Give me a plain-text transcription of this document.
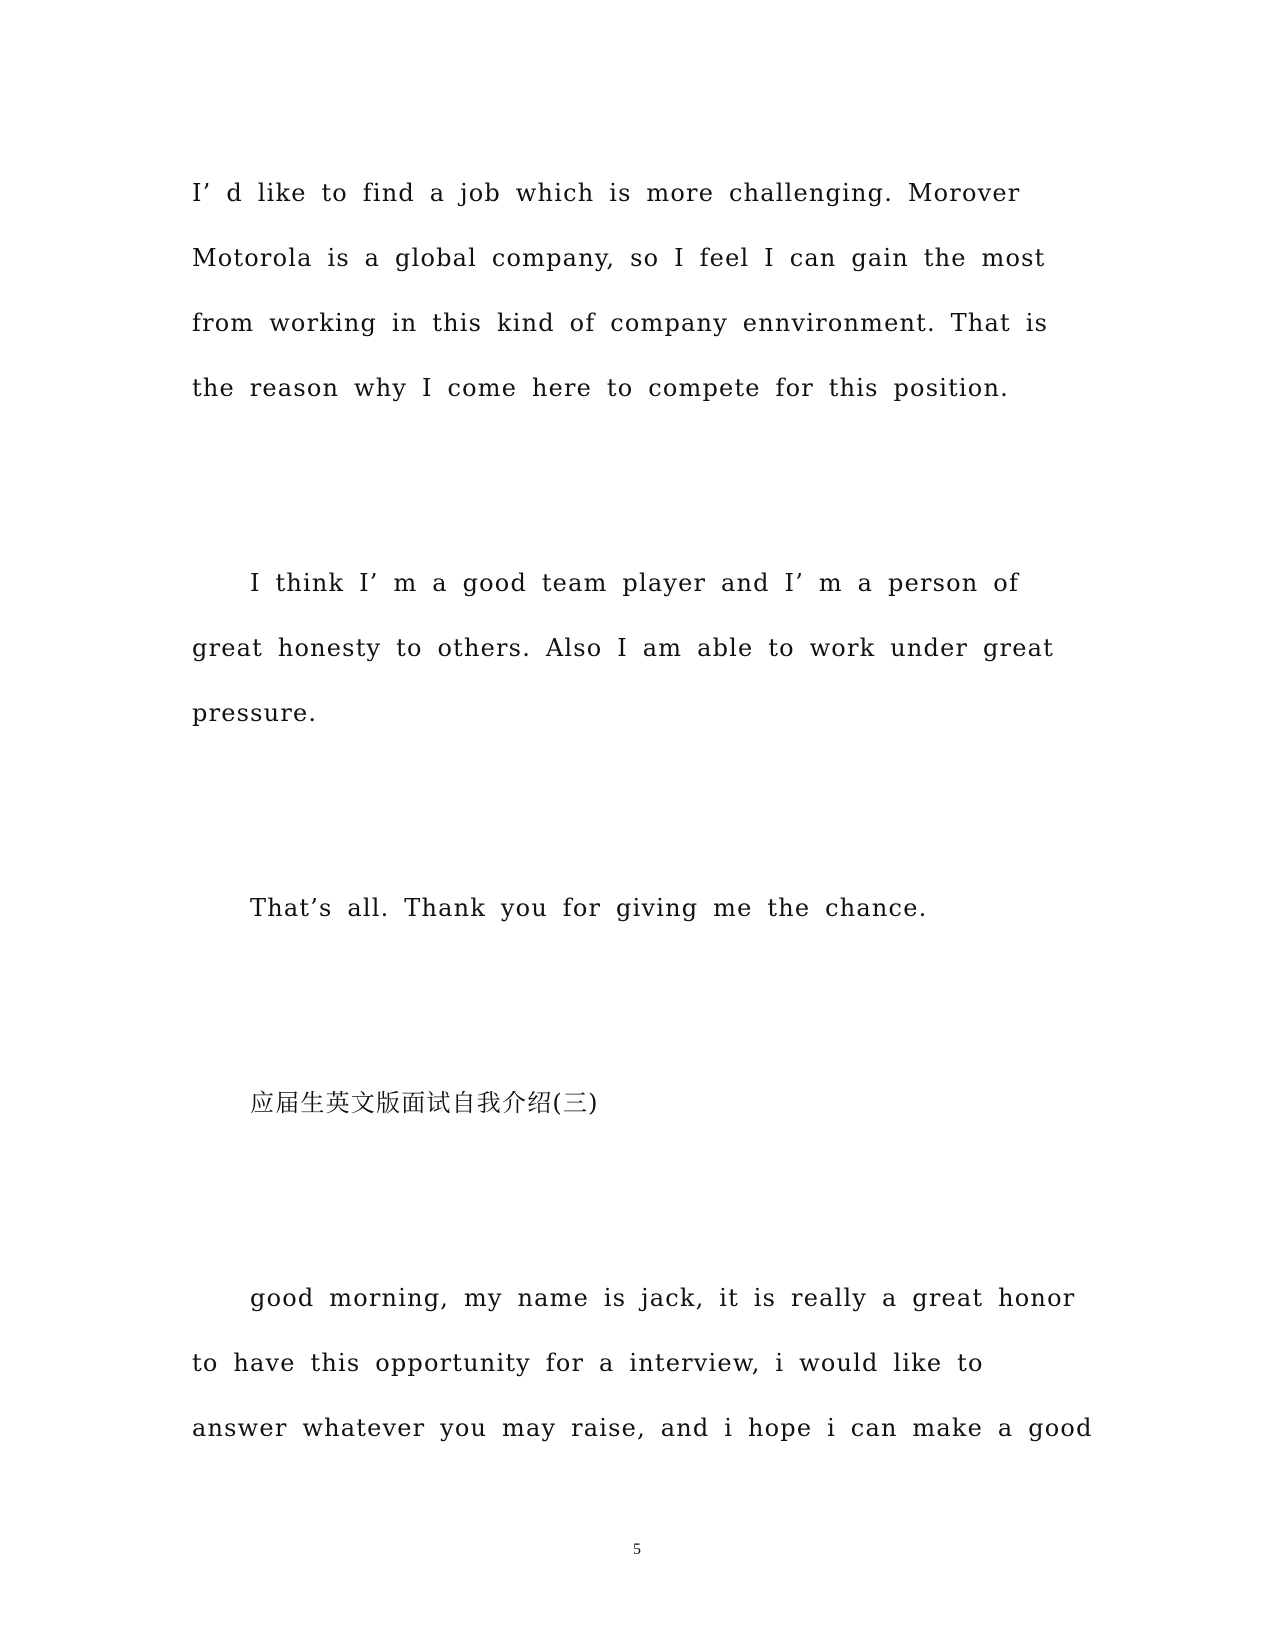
I’ d like to find a job which is more challenging. Morover
Motorola is a global company, so I feel I can gain the most
from working in this kind of company ennvironment. That is
the reason why I come here to compete for this position.
I think I’ m a good team player and I’ m a person of
great honesty to others. Also I am able to work under great
pressure.
That’s all. Thank you for giving me the chance.
应届生英文版面试自我介绍(三)
good morning, my name is jack, it is really a great honor
to have this opportunity for a interview, i would like to
answer whatever you may raise, and i hope i can make a good
5
